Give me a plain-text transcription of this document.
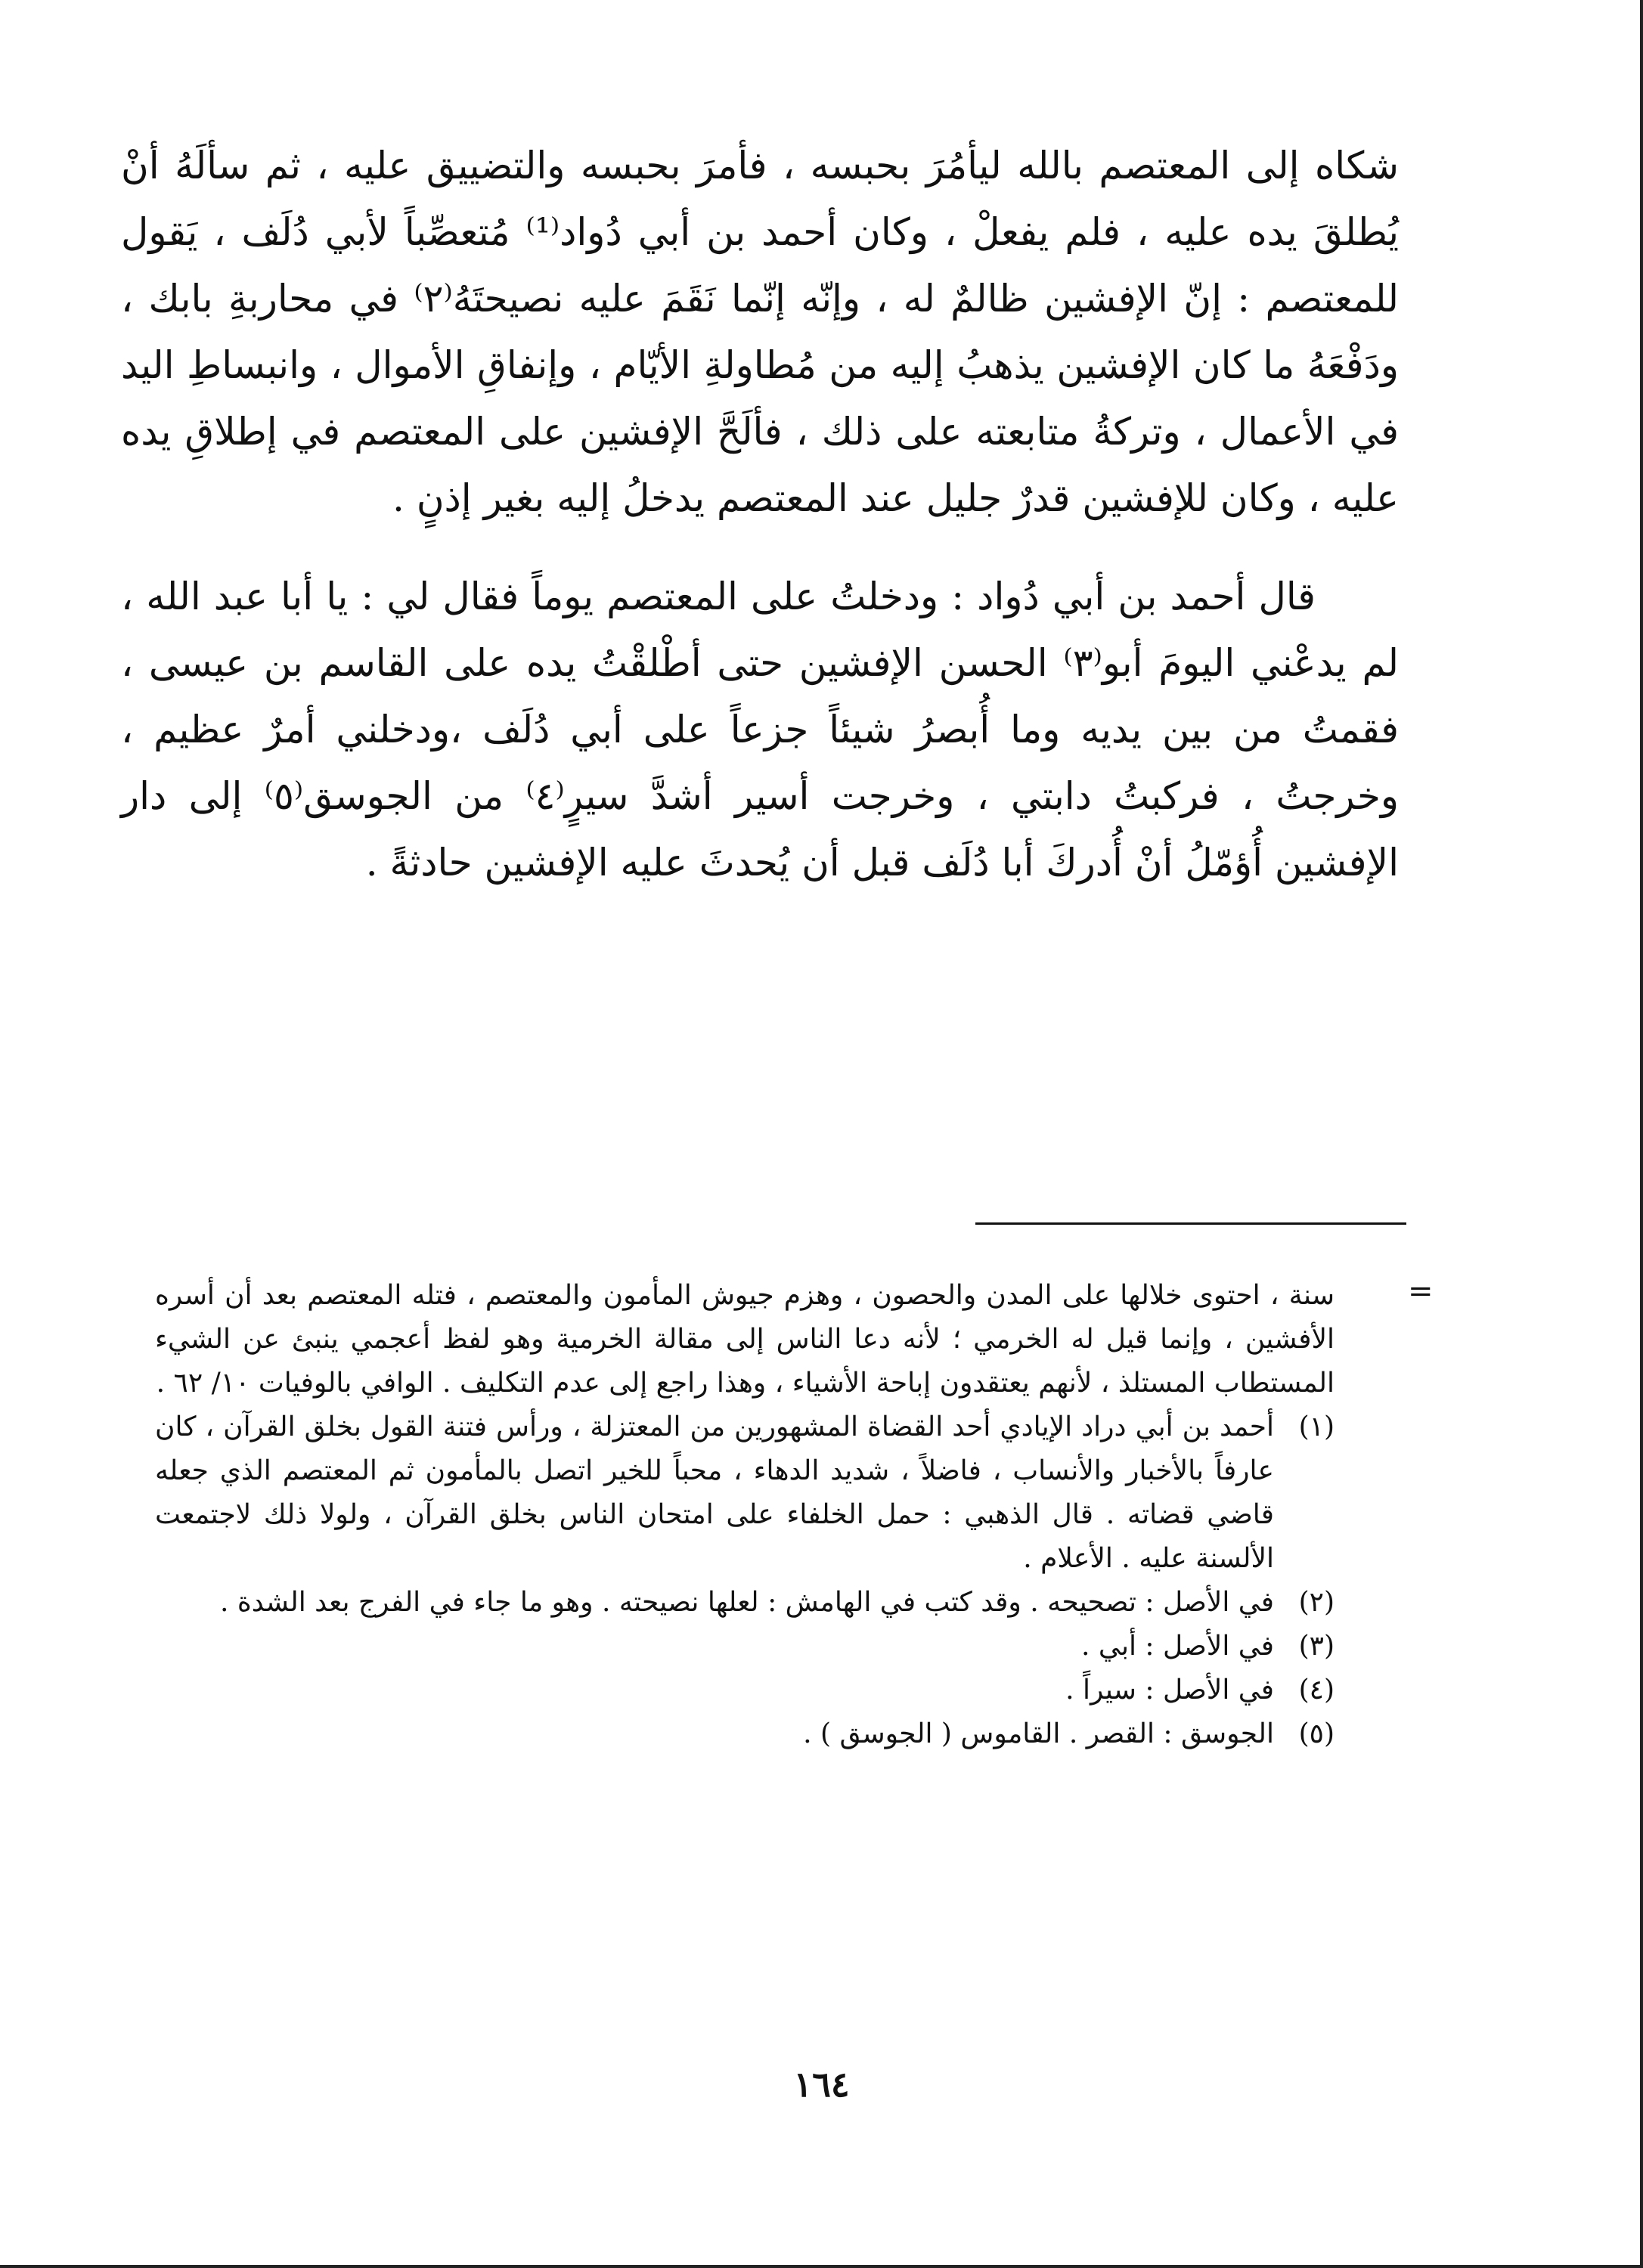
شكاه إلى المعتصم بالله ليأمُرَ بحبسه ، فأمرَ بحبسه والتضييق عليه ، ثم سألَهُ أنْ يُطلقَ يده عليه ، فلم يفعلْ ، وكان أحمد بن أبي دُواد⁽¹⁾ مُتعصِّباً لأبي دُلَف ، يَقول للمعتصم : إنّ الإفشين ظالمٌ له ، وإنّه إنّما نَقَمَ عليه نصيحتَهُ⁽٢⁾ في محاربةِ بابك ، ودَفْعَهُ ما كان الإفشين يذهبُ إليه من مُطاولةِ الأيّام ، وإنفاقِ الأموال ، وانبساطِ اليد في الأعمال ، وتركةُ متابعته على ذلك ، فألَحَّ الإفشين على المعتصم في إطلاقِ يده عليه ، وكان للإفشين قدرٌ جليل عند المعتصم يدخلُ إليه بغير إذنٍ .

قال أحمد بن أبي دُواد : ودخلتُ على المعتصم يوماً فقال لي : يا أبا عبد الله ، لم يدعْني اليومَ أبو⁽٣⁾ الحسن الإفشين حتى أطْلقْتُ يده على القاسم بن عيسى ، فقمتُ من بين يديه وما أُبصرُ شيئاً جزعاً على أبي دُلَف ،ودخلني أمرٌ عظيم ، وخرجتُ ، فركبتُ دابتي ، وخرجت أسير أشدَّ سيرٍ⁽٤⁾ من الجوسق⁽٥⁾ إلى دار الإفشين أُؤمّلُ أنْ أُدركَ أبا دُلَف قبل أن يُحدثَ عليه الإفشين حادثةً .

=

سنة ، احتوى خلالها على المدن والحصون ، وهزم جيوش المأمون والمعتصم ، فتله المعتصم بعد أن أسره الأفشين ، وإنما قيل له الخرمي ؛ لأنه دعا الناس إلى مقالة الخرمية وهو لفظ أعجمي ينبئ عن الشيء المستطاب المستلذ ، لأنهم يعتقدون إباحة الأشياء ، وهذا راجع إلى عدم التكليف . الوافي بالوفيات ١٠/ ٦٢ .

(١)
أحمد بن أبي دراد الإيادي أحد القضاة المشهورين من المعتزلة ، ورأس فتنة القول بخلق القرآن ، كان عارفاً بالأخبار والأنساب ، فاضلاً ، شديد الدهاء ، محباً للخير اتصل بالمأمون ثم المعتصم الذي جعله قاضي قضاته . قال الذهبي : حمل الخلفاء على امتحان الناس بخلق القرآن ، ولولا ذلك لاجتمعت الألسنة عليه . الأعلام .
(٢)
في الأصل : تصحيحه . وقد كتب في الهامش : لعلها نصيحته . وهو ما جاء في الفرج بعد الشدة .
(٣)
في الأصل : أبي .
(٤)
في الأصل : سيراً .
(٥)
الجوسق : القصر . القاموس ( الجوسق ) .
١٦٤
